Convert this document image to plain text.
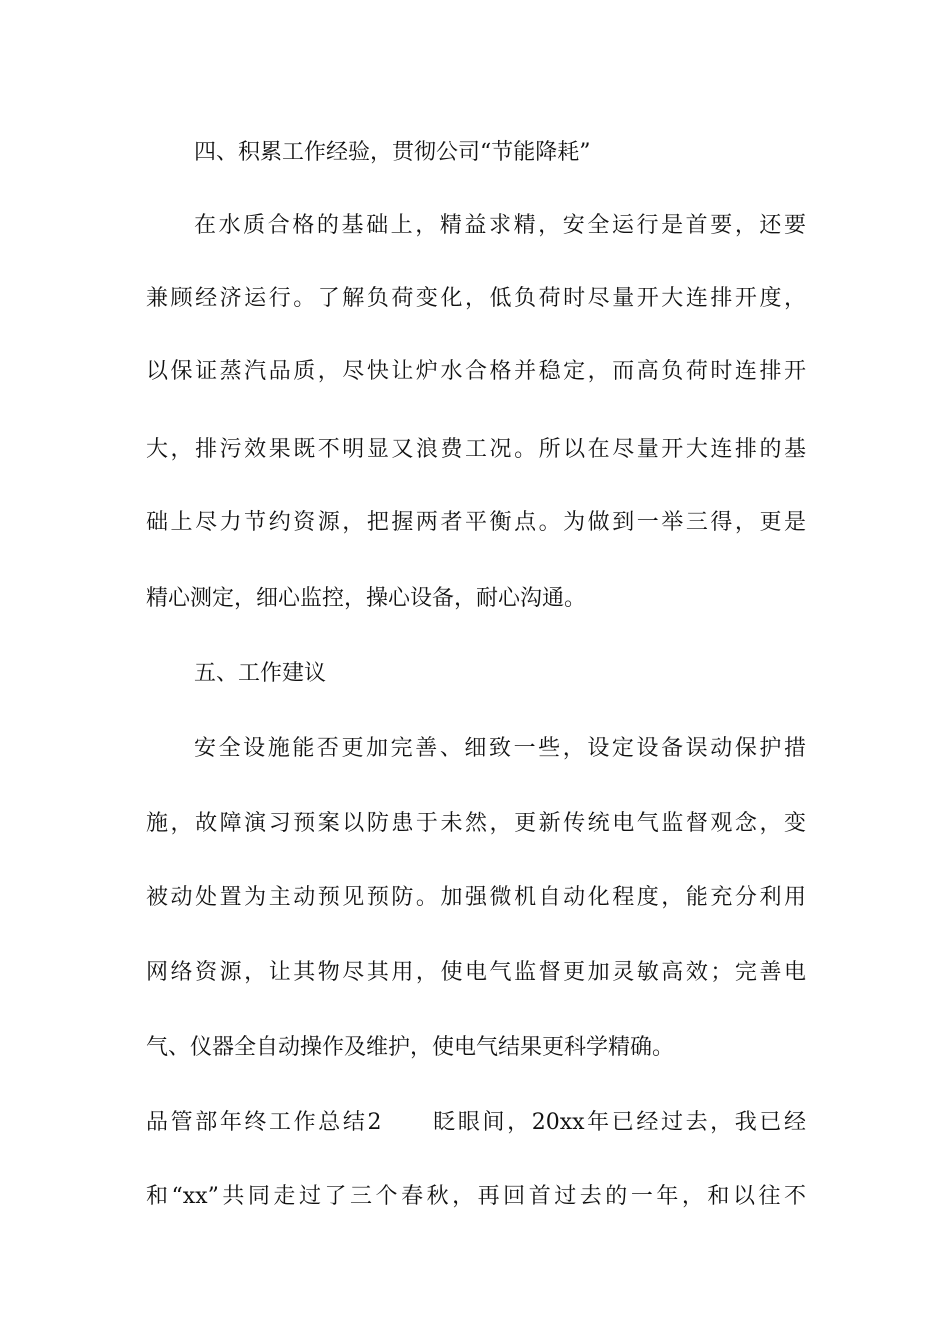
四、积累工作经验，贯彻公司“节能降耗”
在水质合格的基础上，精益求精，安全运行是首要，还要
兼顾经济运行。了解负荷变化，低负荷时尽量开大连排开度，
以保证蒸汽品质，尽快让炉水合格并稳定，而高负荷时连排开
大，排污效果既不明显又浪费工况。所以在尽量开大连排的基
础上尽力节约资源，把握两者平衡点。为做到一举三得，更是
精心测定，细心监控，操心设备，耐心沟通。
五、工作建议
安全设施能否更加完善、细致一些，设定设备误动保护措
施，故障演习预案以防患于未然，更新传统电气监督观念，变
被动处置为主动预见预防。加强微机自动化程度，能充分利用
网络资源，让其物尽其用，使电气监督更加灵敏高效；完善电
气、仪器全自动操作及维护，使电气结果更科学精确。
品管部年终工作总结2　　眨眼间，20xx年已经过去，我已经
和“xx”共同走过了三个春秋，再回首过去的一年，和以往不
